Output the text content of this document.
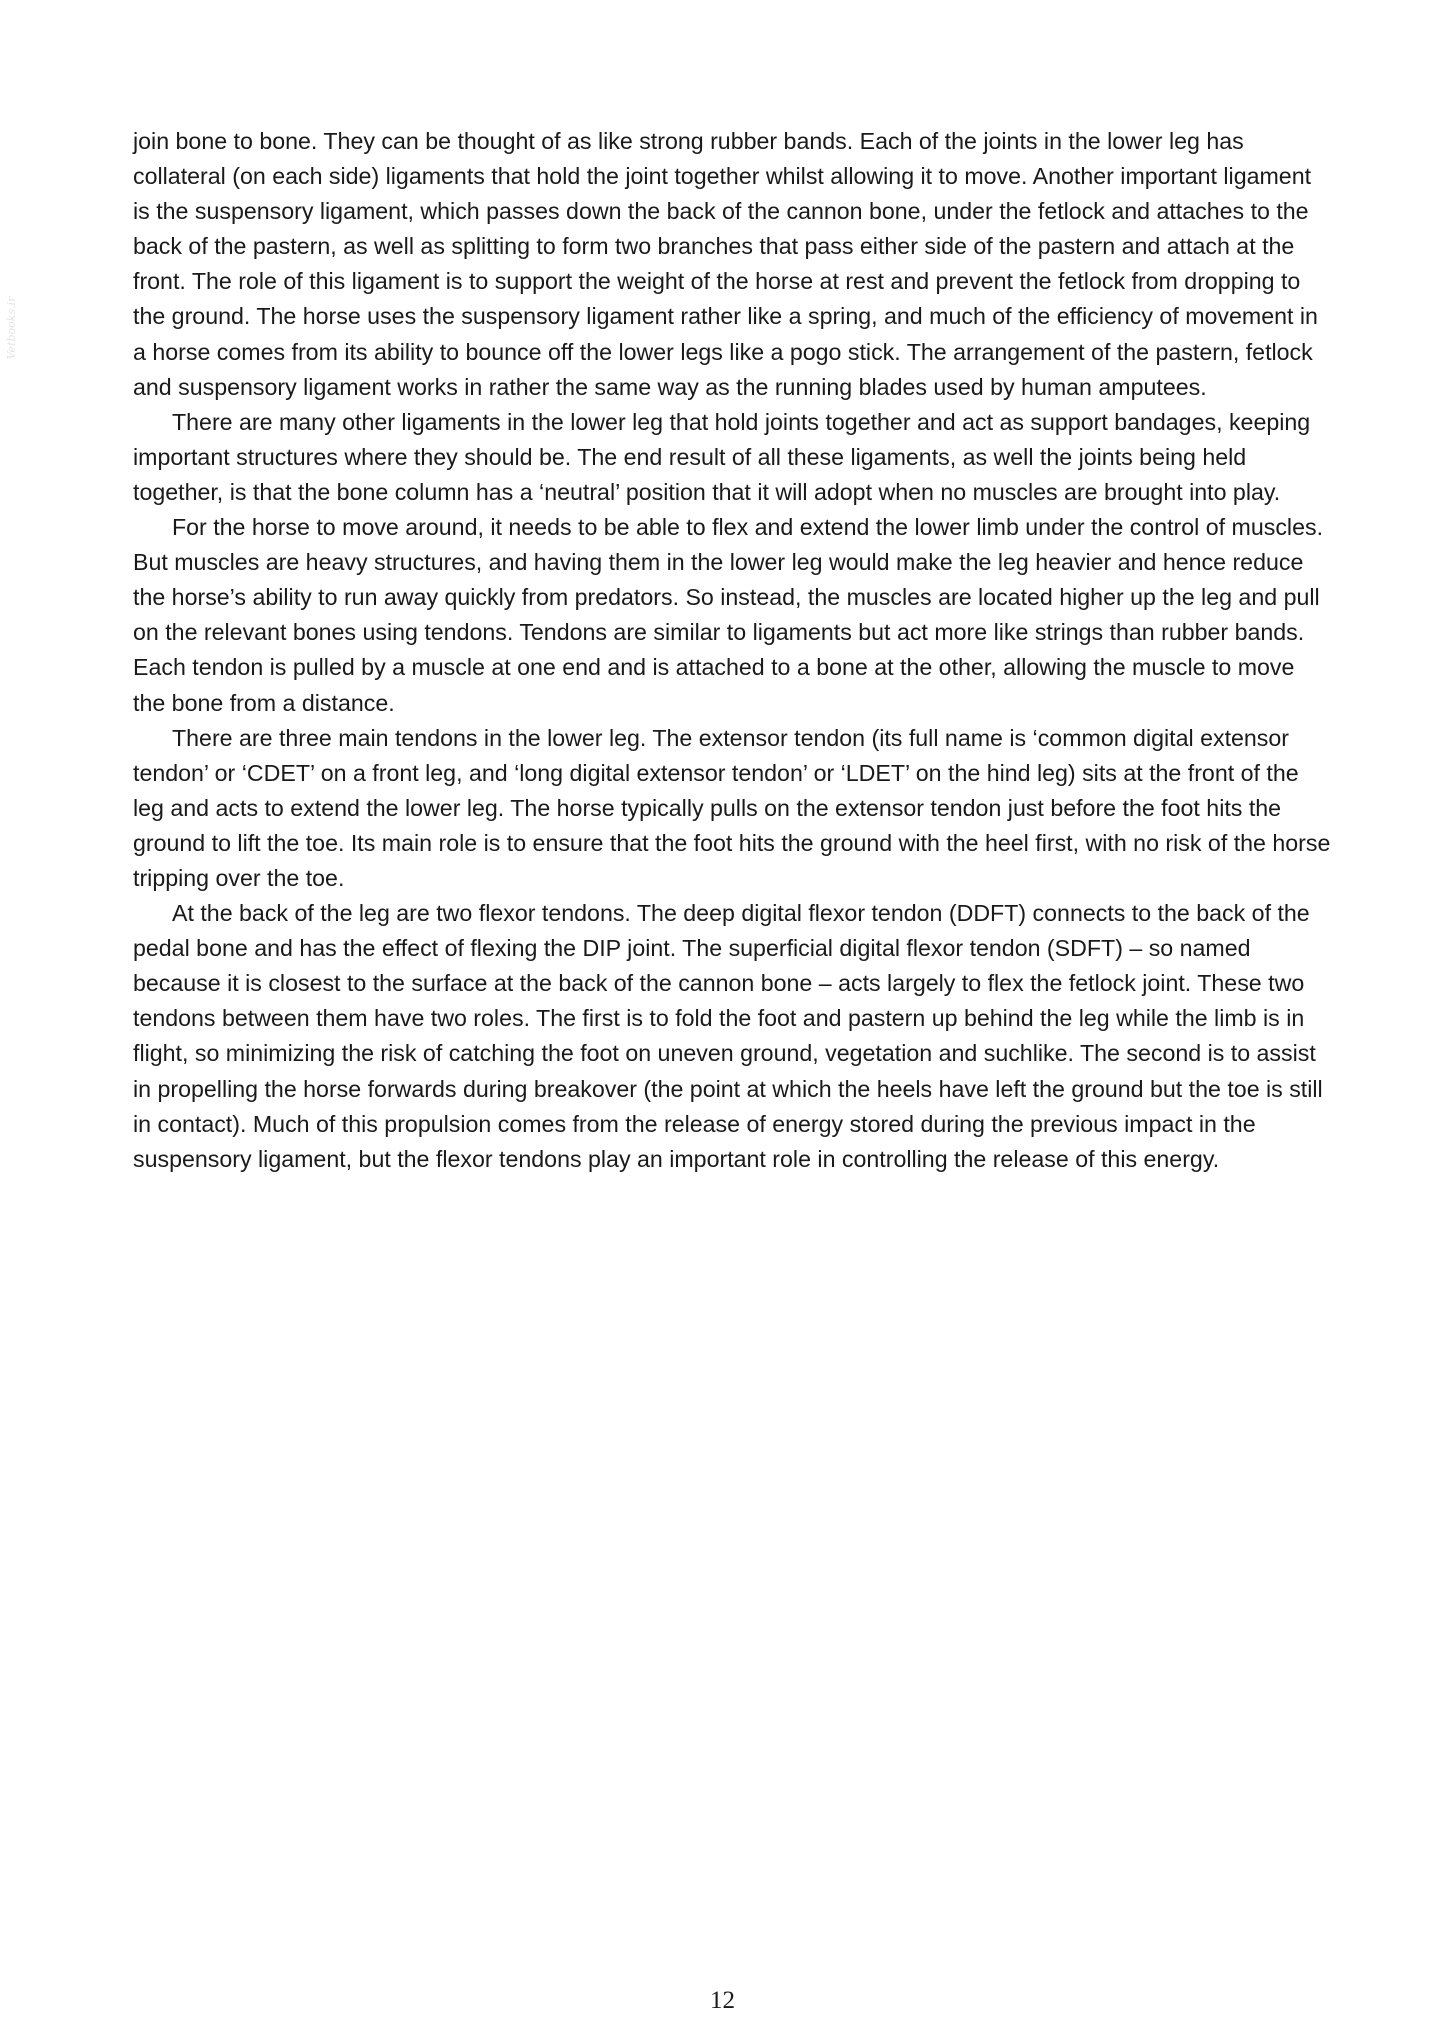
Vetbooks.ir

join bone to bone. They can be thought of as like strong rubber bands. Each of the joints in the lower leg has collateral (on each side) ligaments that hold the joint together whilst allowing it to move. Another important ligament is the suspensory ligament, which passes down the back of the cannon bone, under the fetlock and attaches to the back of the pastern, as well as splitting to form two branches that pass either side of the pastern and attach at the front. The role of this ligament is to support the weight of the horse at rest and prevent the fetlock from dropping to the ground. The horse uses the suspensory ligament rather like a spring, and much of the efficiency of movement in a horse comes from its ability to bounce off the lower legs like a pogo stick. The arrangement of the pastern, fetlock and suspensory ligament works in rather the same way as the running blades used by human amputees.

There are many other ligaments in the lower leg that hold joints together and act as support bandages, keeping important structures where they should be. The end result of all these ligaments, as well the joints being held together, is that the bone column has a ‘neutral’ position that it will adopt when no muscles are brought into play.

For the horse to move around, it needs to be able to flex and extend the lower limb under the control of muscles. But muscles are heavy structures, and having them in the lower leg would make the leg heavier and hence reduce the horse’s ability to run away quickly from predators. So instead, the muscles are located higher up the leg and pull on the relevant bones using tendons. Tendons are similar to ligaments but act more like strings than rubber bands. Each tendon is pulled by a muscle at one end and is attached to a bone at the other, allowing the muscle to move the bone from a distance.

There are three main tendons in the lower leg. The extensor tendon (its full name is ‘common digital extensor tendon’ or ‘CDET’ on a front leg, and ‘long digital extensor tendon’ or ‘LDET’ on the hind leg) sits at the front of the leg and acts to extend the lower leg. The horse typically pulls on the extensor tendon just before the foot hits the ground to lift the toe. Its main role is to ensure that the foot hits the ground with the heel first, with no risk of the horse tripping over the toe.

At the back of the leg are two flexor tendons. The deep digital flexor tendon (DDFT) connects to the back of the pedal bone and has the effect of flexing the DIP joint. The superficial digital flexor tendon (SDFT) – so named because it is closest to the surface at the back of the cannon bone – acts largely to flex the fetlock joint. These two tendons between them have two roles. The first is to fold the foot and pastern up behind the leg while the limb is in flight, so minimizing the risk of catching the foot on uneven ground, vegetation and suchlike. The second is to assist in propelling the horse forwards during breakover (the point at which the heels have left the ground but the toe is still in contact). Much of this propulsion comes from the release of energy stored during the previous impact in the suspensory ligament, but the flexor tendons play an important role in controlling the release of this energy.

12
